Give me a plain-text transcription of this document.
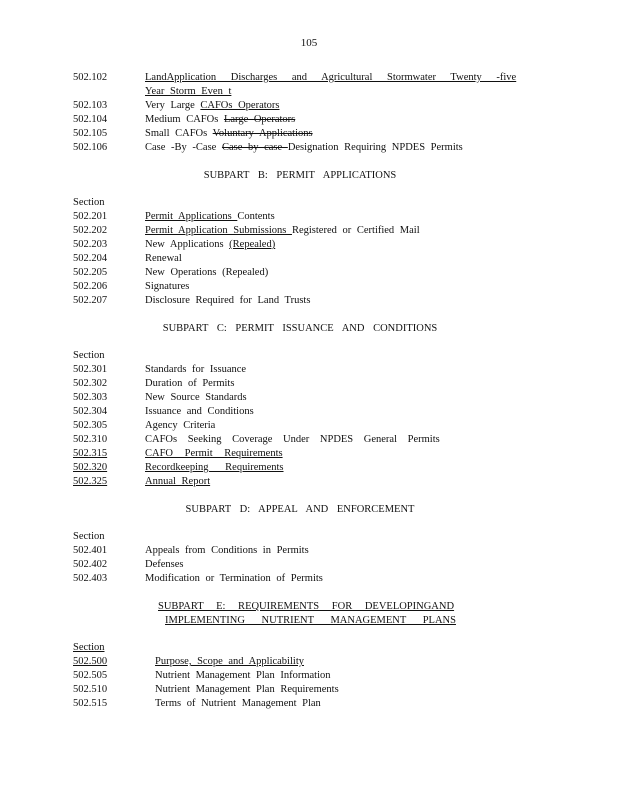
105
502.102	LandApplication Discharges and Agricultural Stormwater Twenty -five
Year Storm Even t
502.103	Very Large CAFOs Operators
502.104	Medium CAFOs Large Operators
502.105	Small CAFOs Voluntary Applications
502.106	Case -By -Case Case by case Designation Requiring NPDES Permits
SUBPART B: PERMIT APPLICATIONS
Section
502.201	Permit Applications Contents
502.202	Permit Application Submissions Registered or Certified Mail
502.203	New Applications (Repealed)
502.204	Renewal
502.205	New Operations (Repealed)
502.206	Signatures
502.207	Disclosure Required for Land Trusts
SUBPART C: PERMIT ISSUANCE AND CONDITIONS
Section
502.301	Standards for Issuance
502.302	Duration of Permits
502.303	New Source Standards
502.304	Issuance and Conditions
502.305	Agency Criteria
502.310	CAFOs Seeking Coverage Under NPDES General Permits
502.315	CAFO Permit Requirements
502.320	Recordkeeping Requirements
502.325	Annual Report
SUBPART D: APPEAL AND ENFORCEMENT
Section
502.401	Appeals from Conditions in Permits
502.402	Defenses
502.403	Modification or Termination of Permits
SUBPART E: REQUIREMENTS FOR DEVELOPINGAND
IMPLEMENTING NUTRIENT MANAGEMENT PLANS
Section
502.500	Purpose, Scope and Applicability
502.505	Nutrient Management Plan Information
502.510	Nutrient Management Plan Requirements
502.515	Terms of Nutrient Management Plan
